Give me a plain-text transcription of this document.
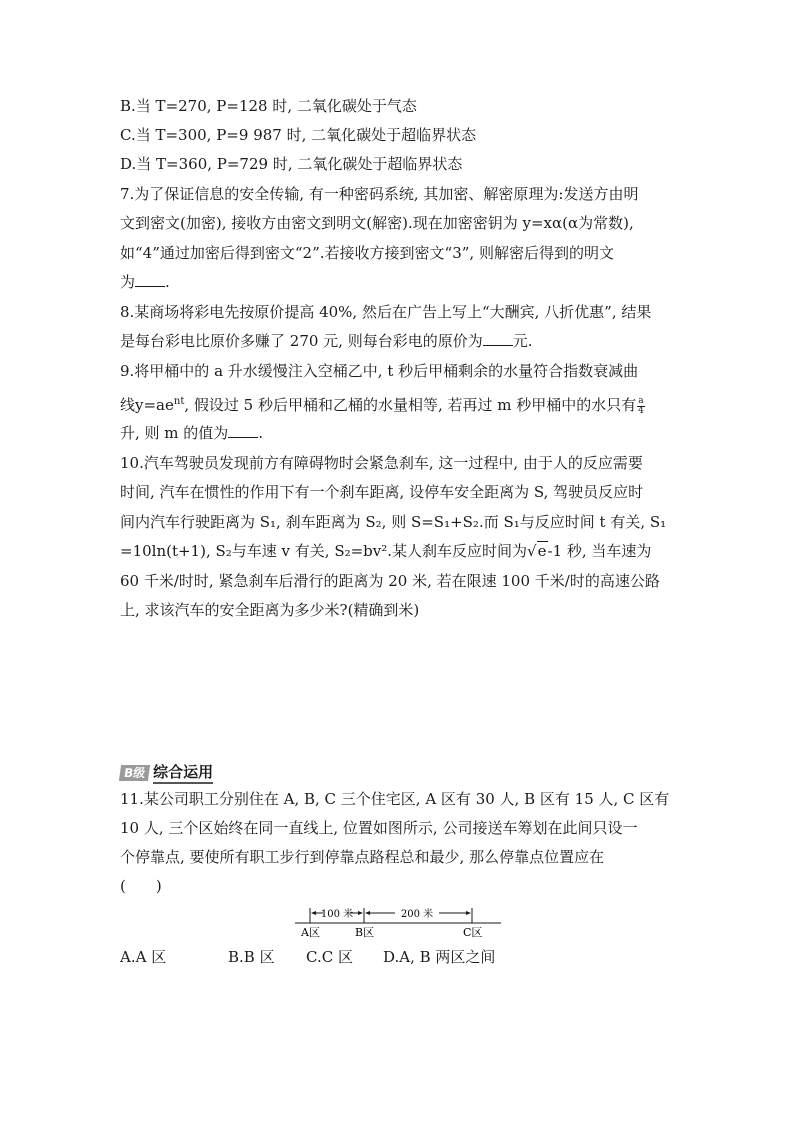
B.当 T=270, P=128 时, 二氧化碳处于气态
C.当 T=300, P=9 987 时, 二氧化碳处于超临界状态
D.当 T=360, P=729 时, 二氧化碳处于超临界状态
7.为了保证信息的安全传输, 有一种密码系统, 其加密、解密原理为:发送方由明
文到密文(加密), 接收方由密文到明文(解密).现在加密密钥为 y=xα(α为常数),
如“4”通过加密后得到密文“2”.若接收方接到密文“3”, 则解密后得到的明文
为 .
8.某商场将彩电先按原价提高 40%, 然后在广告上写上“大酬宾, 八折优惠”, 结果
是每台彩电比原价多赚了 270 元, 则每台彩电的原价为 元.
9.将甲桶中的 a 升水缓慢注入空桶乙中, t 秒后甲桶剩余的水量符合指数衰减曲
线$y=ae^{nt}$, 假设过 5 秒后甲桶和乙桶的水量相等, 若再过 m 秒甲桶中的水只有 $\frac{a}{4}$
升, 则 m 的值为 .
10.汽车驾驶员发现前方有障碍物时会紧急刹车, 这一过程中, 由于人的反应需要
时间, 汽车在惯性的作用下有一个刹车距离, 设停车安全距离为 S, 驾驶员反应时
间内汽车行驶距离为 S₁, 刹车距离为 S₂, 则 S=S₁+S₂.而 S₁与反应时间 t 有关, S₁
=10ln(t+1), S₂与车速 v 有关, S₂=bv².某人刹车反应时间为√e-1 秒, 当车速为
60 千米/时时, 紧急刹车后滑行的距离为 20 米, 若在限速 100 千米/时的高速公路
上, 求该汽车的安全距离为多少米?(精确到米)
B级 综合运用
11.某公司职工分别住在 A, B, C 三个住宅区, A 区有 30 人, B 区有 15 人, C 区有
10 人, 三个区始终在同一直线上, 位置如图所示, 公司接送车筹划在此间只设一
个停靠点, 要使所有职工步行到停靠点路程总和最少, 那么停靠点位置应在
(　　)
100 米	200 米
A区	B区	C区
A.A 区	B.B 区 C.C 区 D.A, B 两区之间
